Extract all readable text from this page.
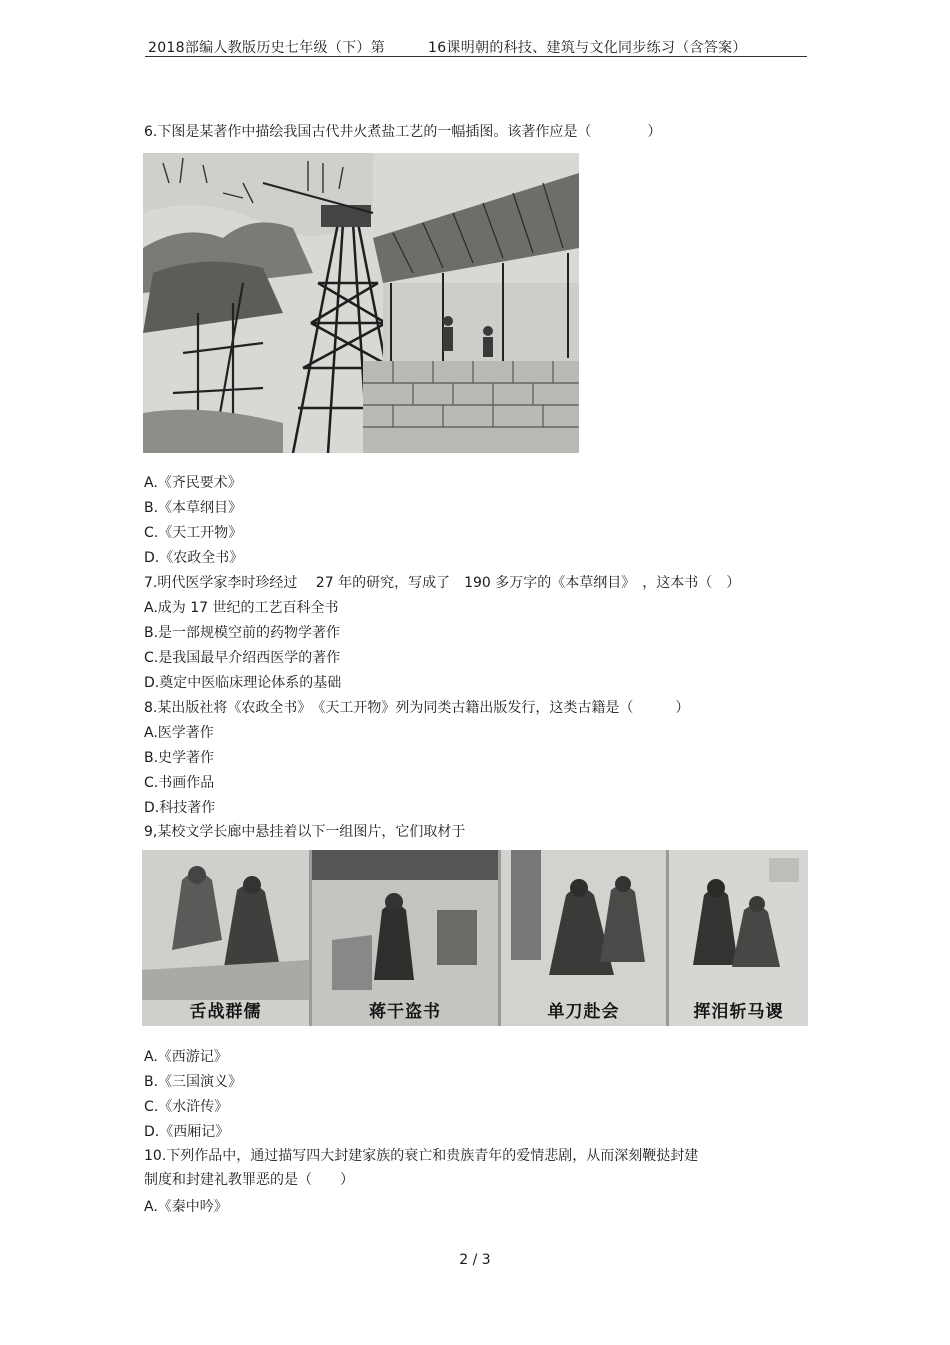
2018部编人教版历史七年级（下）第	16课明朝的科技、建筑与文化同步练习（含答案）
6.下图是某著作中描绘我国古代井火煮盐工艺的一幅插图。该著作应是（　　　　）
A.《齐民要术》
B.《本草纲目》
C.《天工开物》
D.《农政全书》
7.明代医学家李时珍经过　 27 年的研究，写成了　190 多万字的《本草纲目》　，这本书（　）
A.成为 17 世纪的工艺百科全书
B.是一部规模空前的药物学著作
C.是我国最早介绍西医学的著作
D.奠定中医临床理论体系的基础
8.某出版社将《农政全书》　《天工开物》列为同类古籍出版发行，这类古籍是（　　　）
A.医学著作
B.史学著作
C.书画作品
D.科技著作
9,某校文学长廊中悬挂着以下一组图片，它们取材于
舌战群儒	蒋干盗书	单刀赴会	挥泪斩马谡
A.《西游记》
B.《三国演义》
C.《水浒传》
D.《西厢记》
10.下列作品中，通过描写四大封建家族的衰亡和贵族青年的爱情悲剧，从而深刻鞭挞封建
制度和封建礼教罪恶的是（　　）
A.《秦中吟》
2 / 3
